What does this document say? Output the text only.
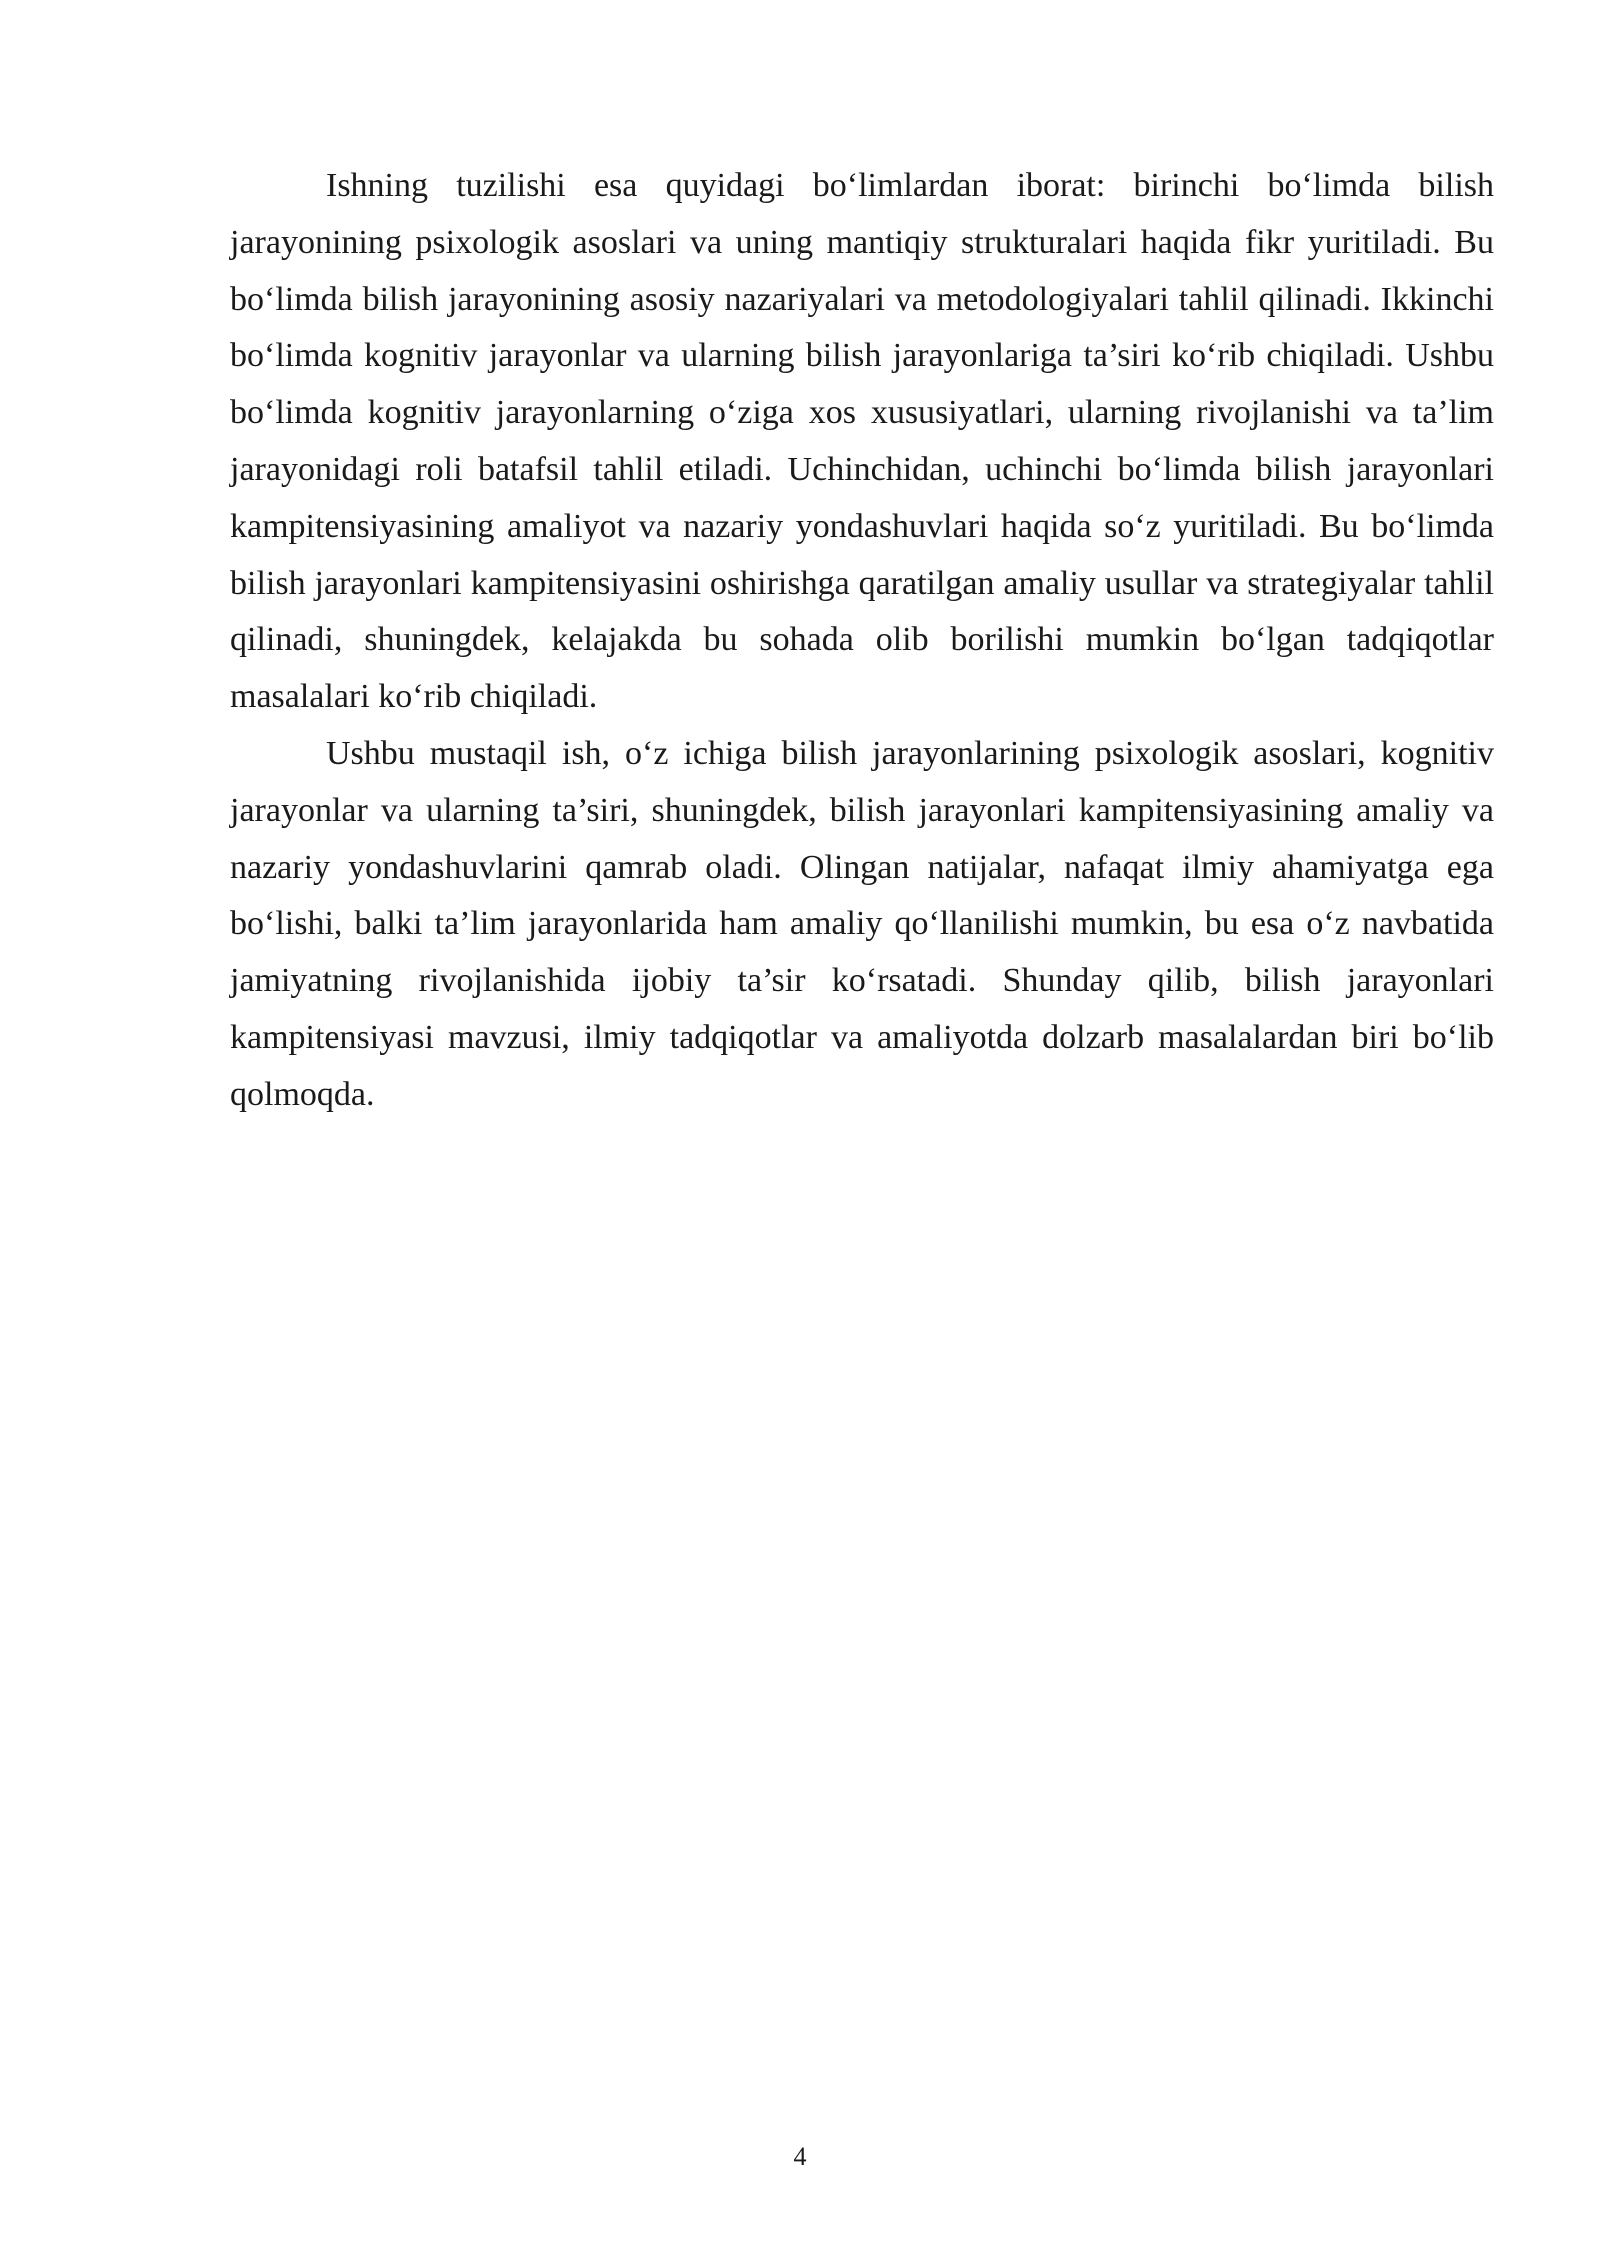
Ishning tuzilishi esa quyidagi bo‘limlardan iborat: birinchi bo‘limda bilish jarayonining psixologik asoslari va uning mantiqiy strukturalari haqida fikr yuritiladi. Bu bo‘limda bilish jarayonining asosiy nazariyalari va metodologiyalari tahlil qilinadi. Ikkinchi bo‘limda kognitiv jarayonlar va ularning bilish jarayonlariga ta’siri ko‘rib chiqiladi. Ushbu bo‘limda kognitiv jarayonlarning o‘ziga xos xususiyatlari, ularning rivojlanishi va ta’lim jarayonidagi roli batafsil tahlil etiladi. Uchinchidan, uchinchi bo‘limda bilish jarayonlari kampitensiyasining amaliyot va nazariy yondashuvlari haqida so‘z yuritiladi. Bu bo‘limda bilish jarayonlari kampitensiyasini oshirishga qaratilgan amaliy usullar va strategiyalar tahlil qilinadi, shuningdek, kelajakda bu sohada olib borilishi mumkin bo‘lgan tadqiqotlar masalalari ko‘rib chiqiladi.

Ushbu mustaqil ish, o‘z ichiga bilish jarayonlarining psixologik asoslari, kognitiv jarayonlar va ularning ta’siri, shuningdek, bilish jarayonlari kampitensiyasining amaliy va nazariy yondashuvlarini qamrab oladi. Olingan natijalar, nafaqat ilmiy ahamiyatga ega bo‘lishi, balki ta’lim jarayonlarida ham amaliy qo‘llanilishi mumkin, bu esa o‘z navbatida jamiyatning rivojlanishida ijobiy ta’sir ko‘rsatadi. Shunday qilib, bilish jarayonlari kampitensiyasi mavzusi, ilmiy tadqiqotlar va amaliyotda dolzarb masalalardan biri bo‘lib qolmoqda.

4
